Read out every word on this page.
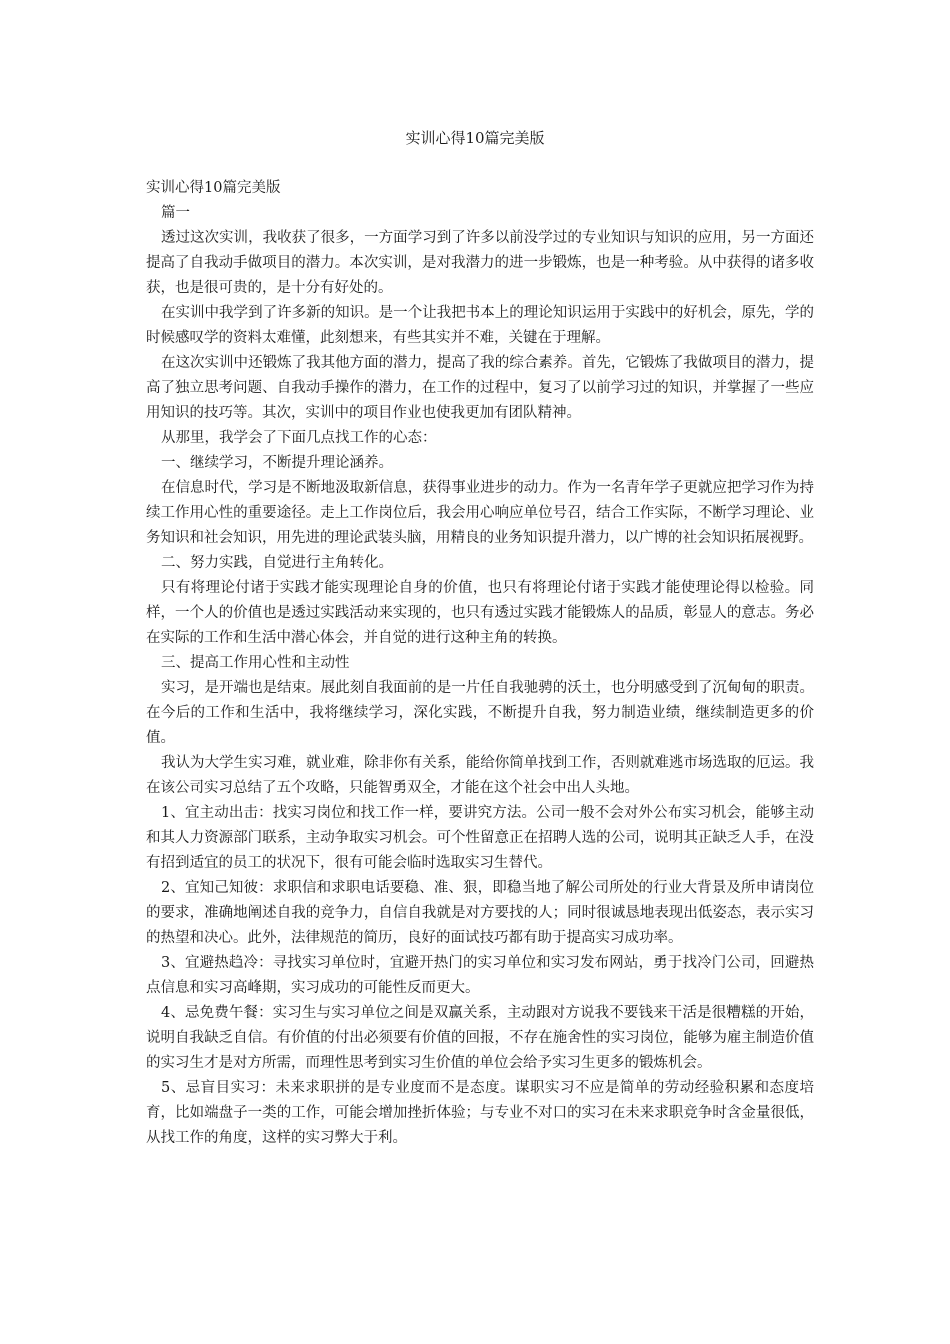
实训心得10篇完美版

实训心得10篇完美版

篇一

透过这次实训，我收获了很多，一方面学习到了许多以前没学过的专业知识与知识的应用，另一方面还提高了自我动手做项目的潜力。本次实训，是对我潜力的进一步锻炼，也是一种考验。从中获得的诸多收获，也是很可贵的，是十分有好处的。

在实训中我学到了许多新的知识。是一个让我把书本上的理论知识运用于实践中的好机会，原先，学的时候感叹学的资料太难懂，此刻想来，有些其实并不难，关键在于理解。

在这次实训中还锻炼了我其他方面的潜力，提高了我的综合素养。首先，它锻炼了我做项目的潜力，提高了独立思考问题、自我动手操作的潜力，在工作的过程中，复习了以前学习过的知识，并掌握了一些应用知识的技巧等。其次，实训中的项目作业也使我更加有团队精神。

从那里，我学会了下面几点找工作的心态：

一、继续学习，不断提升理论涵养。

在信息时代，学习是不断地汲取新信息，获得事业进步的动力。作为一名青年学子更就应把学习作为持续工作用心性的重要途径。走上工作岗位后，我会用心响应单位号召，结合工作实际，不断学习理论、业务知识和社会知识，用先进的理论武装头脑，用精良的业务知识提升潜力，以广博的社会知识拓展视野。

二、努力实践，自觉进行主角转化。

只有将理论付诸于实践才能实现理论自身的价值，也只有将理论付诸于实践才能使理论得以检验。同样，一个人的价值也是透过实践活动来实现的，也只有透过实践才能锻炼人的品质，彰显人的意志。务必在实际的工作和生活中潜心体会，并自觉的进行这种主角的转换。

三、提高工作用心性和主动性

实习，是开端也是结束。展此刻自我面前的是一片任自我驰骋的沃土，也分明感受到了沉甸甸的职责。在今后的工作和生活中，我将继续学习，深化实践，不断提升自我，努力制造业绩，继续制造更多的价值。

我认为大学生实习难，就业难，除非你有关系，能给你简单找到工作，否则就难逃市场选取的厄运。我在该公司实习总结了五个攻略，只能智勇双全，才能在这个社会中出人头地。

1、宜主动出击：找实习岗位和找工作一样，要讲究方法。公司一般不会对外公布实习机会，能够主动和其人力资源部门联系，主动争取实习机会。可个性留意正在招聘人选的公司，说明其正缺乏人手，在没有招到适宜的员工的状况下，很有可能会临时选取实习生替代。

2、宜知己知彼：求职信和求职电话要稳、准、狠，即稳当地了解公司所处的行业大背景及所申请岗位的要求，准确地阐述自我的竞争力，自信自我就是对方要找的人；同时很诚恳地表现出低姿态，表示实习的热望和决心。此外，法律规范的简历，良好的面试技巧都有助于提高实习成功率。

3、宜避热趋冷：寻找实习单位时，宜避开热门的实习单位和实习发布网站，勇于找冷门公司，回避热点信息和实习高峰期，实习成功的可能性反而更大。

4、忌免费午餐：实习生与实习单位之间是双赢关系，主动跟对方说我不要钱来干活是很糟糕的开始，说明自我缺乏自信。有价值的付出必须要有价值的回报，不存在施舍性的实习岗位，能够为雇主制造价值的实习生才是对方所需，而理性思考到实习生价值的单位会给予实习生更多的锻炼机会。

5、忌盲目实习：未来求职拼的是专业度而不是态度。谋职实习不应是简单的劳动经验积累和态度培育，比如端盘子一类的工作，可能会增加挫折体验；与专业不对口的实习在未来求职竞争时含金量很低，从找工作的角度，这样的实习弊大于利。
